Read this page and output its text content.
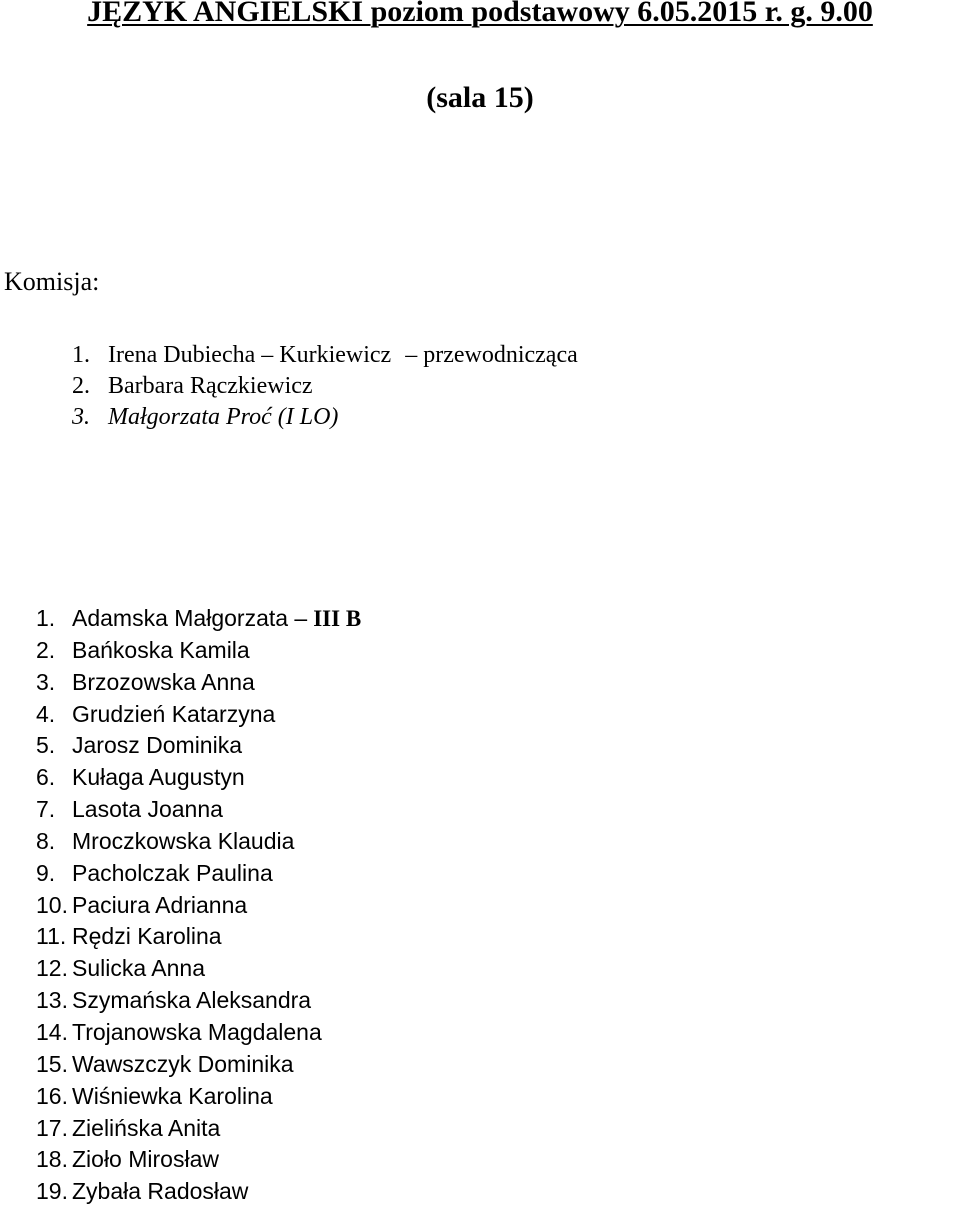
JĘZYK ANGIELSKI poziom podstawowy 6.05.2015 r. g. 9.00
(sala 15)

Komisja:

1. Irena Dubiecha – Kurkiewicz – przewodnicząca
2. Barbara Rączkiewicz
3. Małgorzata Proć (I LO)
1. Adamska Małgorzata – III B
2. Bańkoska Kamila
3. Brzozowska Anna
4. Grudzień Katarzyna
5. Jarosz Dominika
6. Kułaga Augustyn
7. Lasota Joanna
8. Mroczkowska Klaudia
9. Pacholczak Paulina
10. Paciura Adrianna
11. Rędzi Karolina
12. Sulicka Anna
13. Szymańska Aleksandra
14. Trojanowska Magdalena
15. Wawszczyk Dominika
16. Wiśniewka Karolina
17. Zielińska Anita
18. Zioło Mirosław
19. Zybała Radosław
